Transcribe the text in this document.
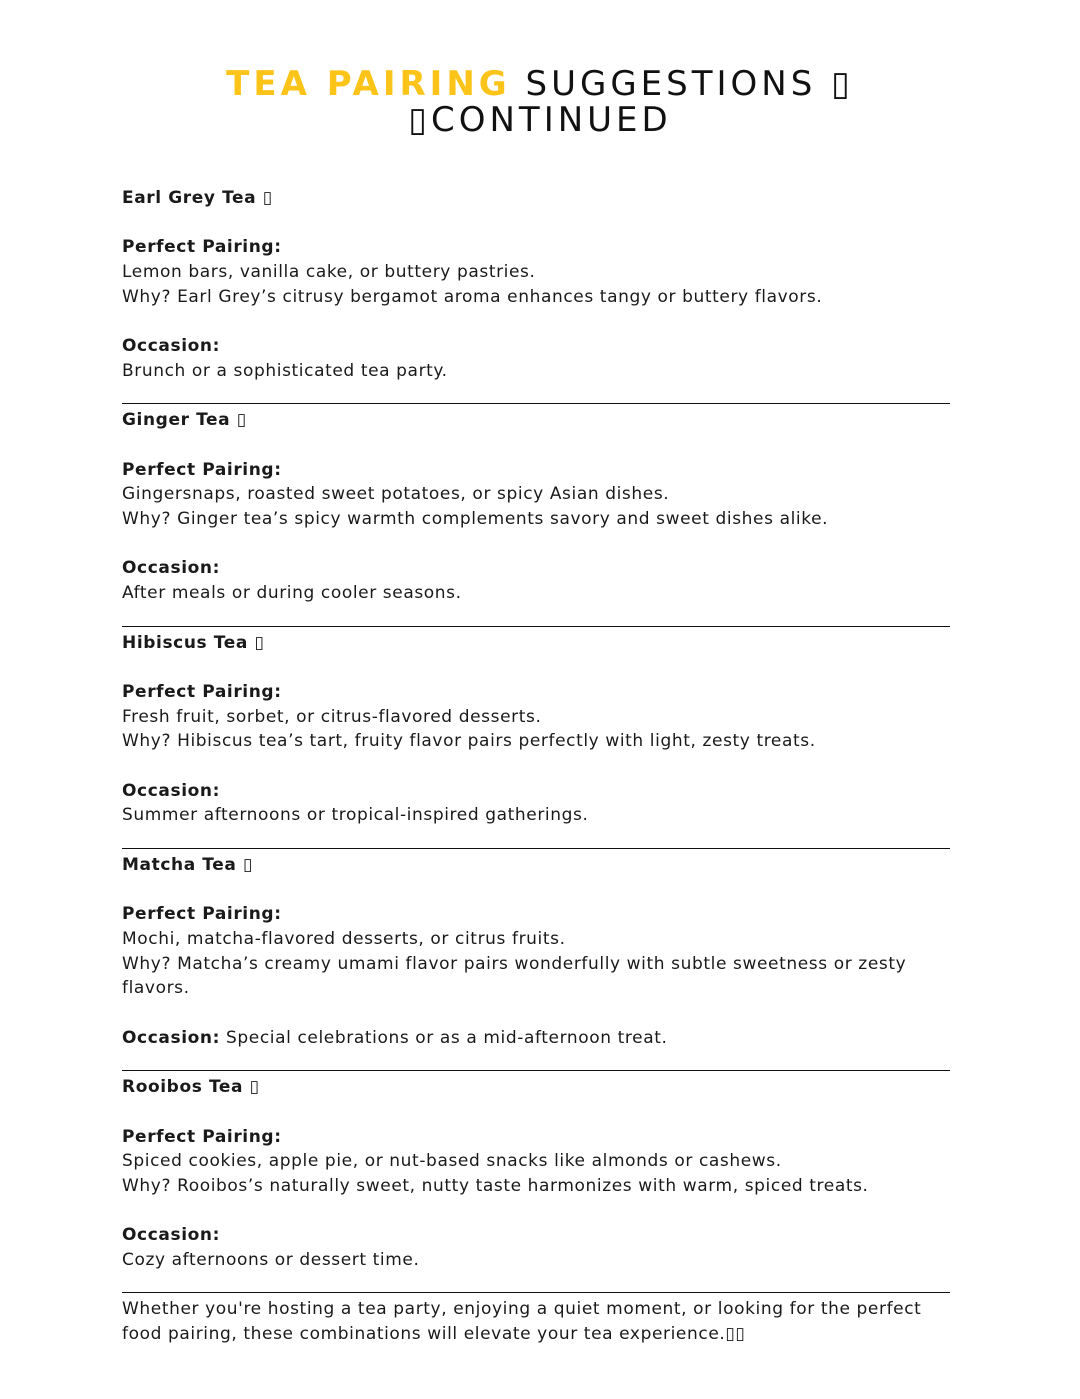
TEA PAIRING SUGGESTIONS ▯
▯CONTINUED

Earl Grey Tea ▯

Perfect Pairing:

Lemon bars, vanilla cake, or buttery pastries.

Why? Earl Grey’s citrusy bergamot aroma enhances tangy or buttery flavors.

Occasion:

Brunch or a sophisticated tea party.

Ginger Tea ▯

Perfect Pairing:

Gingersnaps, roasted sweet potatoes, or spicy Asian dishes.

Why? Ginger tea’s spicy warmth complements savory and sweet dishes alike.

Occasion:

After meals or during cooler seasons.

Hibiscus Tea ▯

Perfect Pairing:

Fresh fruit, sorbet, or citrus-flavored desserts.

Why? Hibiscus tea’s tart, fruity flavor pairs perfectly with light, zesty treats.

Occasion:

Summer afternoons or tropical-inspired gatherings.

Matcha Tea ▯

Perfect Pairing:

Mochi, matcha-flavored desserts, or citrus fruits.

Why? Matcha’s creamy umami flavor pairs wonderfully with subtle sweetness or zesty flavors.

Occasion: Special celebrations or as a mid-afternoon treat.

Rooibos Tea ▯

Perfect Pairing:

Spiced cookies, apple pie, or nut-based snacks like almonds or cashews.

Why? Rooibos’s naturally sweet, nutty taste harmonizes with warm, spiced treats.

Occasion:

Cozy afternoons or dessert time.

Whether you're hosting a tea party, enjoying a quiet moment, or looking for the perfect food pairing, these combinations will elevate your tea experience.▯▯
